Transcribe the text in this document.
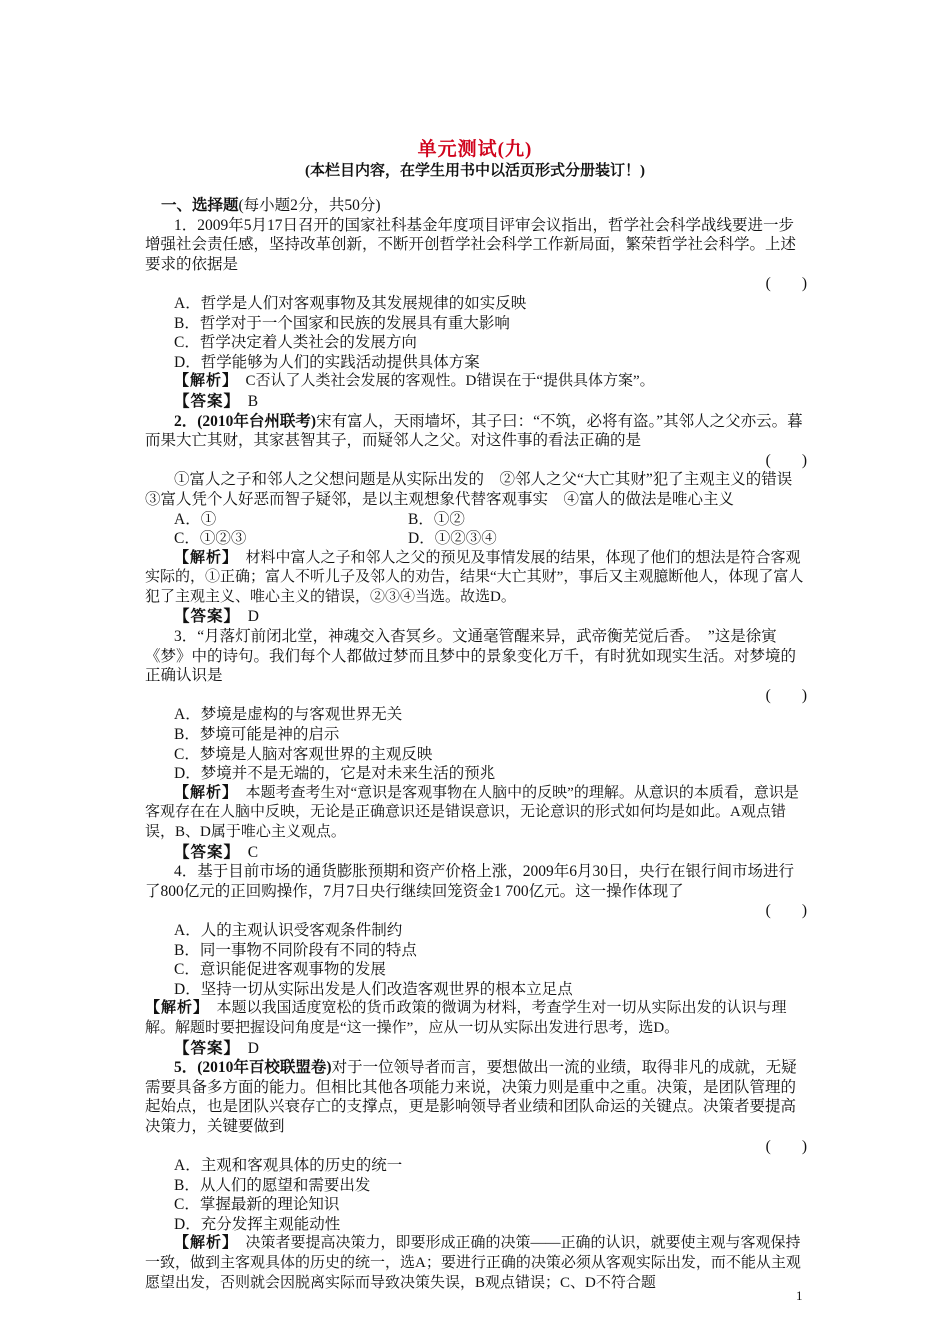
单元测试(九)
(本栏目内容，在学生用书中以活页形式分册装订！)

一、选择题(每小题2分，共50分)

1．2009年5月17日召开的国家社科基金年度项目评审会议指出，哲学社会科学战线要进一步增强社会责任感，坚持改革创新，不断开创哲学社会科学工作新局面，繁荣哲学社会科学。上述要求的依据是

(　　)

A．哲学是人们对客观事物及其发展规律的如实反映

B．哲学对于一个国家和民族的发展具有重大影响

C．哲学决定着人类社会的发展方向

D．哲学能够为人们的实践活动提供具体方案

【解析】　C否认了人类社会发展的客观性。D错误在于“提供具体方案”。

【答案】　B

2．(2010年台州联考)宋有富人，天雨墙坏，其子曰：“不筑，必将有盗。”其邻人之父亦云。暮而果大亡其财，其家甚智其子，而疑邻人之父。对这件事的看法正确的是

(　　)

①富人之子和邻人之父想问题是从实际出发的　②邻人之父“大亡其财”犯了主观主义的错误　③富人凭个人好恶而智子疑邻，是以主观想象代替客观事实　④富人的做法是唯心主义

A．①	B．①②
C．①②③	D．①②③④

【解析】　材料中富人之子和邻人之父的预见及事情发展的结果，体现了他们的想法是符合客观实际的，①正确；富人不听儿子及邻人的劝告，结果“大亡其财”，事后又主观臆断他人，体现了富人犯了主观主义、唯心主义的错误，②③④当选。故选D。

【答案】　D

3．“月落灯前闭北堂，神魂交入杳冥乡。文通毫管醒来异，武帝衡芜觉后香。　”这是徐寅《梦》中的诗句。我们每个人都做过梦而且梦中的景象变化万千，有时犹如现实生活。对梦境的正确认识是

(　　)

A．梦境是虚构的与客观世界无关

B．梦境可能是神的启示

C．梦境是人脑对客观世界的主观反映

D．梦境并不是无端的，它是对未来生活的预兆

【解析】　本题考查考生对“意识是客观事物在人脑中的反映”的理解。从意识的本质看，意识是客观存在在人脑中反映，无论是正确意识还是错误意识，无论意识的形式如何均是如此。A观点错误，B、D属于唯心主义观点。

【答案】　C

4．基于目前市场的通货膨胀预期和资产价格上涨，2009年6月30日，央行在银行间市场进行了800亿元的正回购操作，7月7日央行继续回笼资金1 700亿元。这一操作体现了

(　　)

A．人的主观认识受客观条件制约

B．同一事物不同阶段有不同的特点

C．意识能促进客观事物的发展

D．坚持一切从实际出发是人们改造客观世界的根本立足点

【解析】　本题以我国适度宽松的货币政策的微调为材料，考查学生对一切从实际出发的认识与理解。解题时要把握设问角度是“这一操作”，应从一切从实际出发进行思考，选D。

【答案】　D

5．(2010年百校联盟卷)对于一位领导者而言，要想做出一流的业绩，取得非凡的成就，无疑需要具备多方面的能力。但相比其他各项能力来说，决策力则是重中之重。决策，是团队管理的起始点，也是团队兴衰存亡的支撑点，更是影响领导者业绩和团队命运的关键点。决策者要提高决策力，关键要做到

(　　)

A．主观和客观具体的历史的统一

B．从人们的愿望和需要出发

C．掌握最新的理论知识

D．充分发挥主观能动性

【解析】　决策者要提高决策力，即要形成正确的决策——正确的认识，就要使主观与客观保持一致，做到主客观具体的历史的统一，选A；要进行正确的决策必须从客观实际出发，而不能从主观愿望出发，否则就会因脱离实际而导致决策失误，B观点错误；C、D不符合题

1
